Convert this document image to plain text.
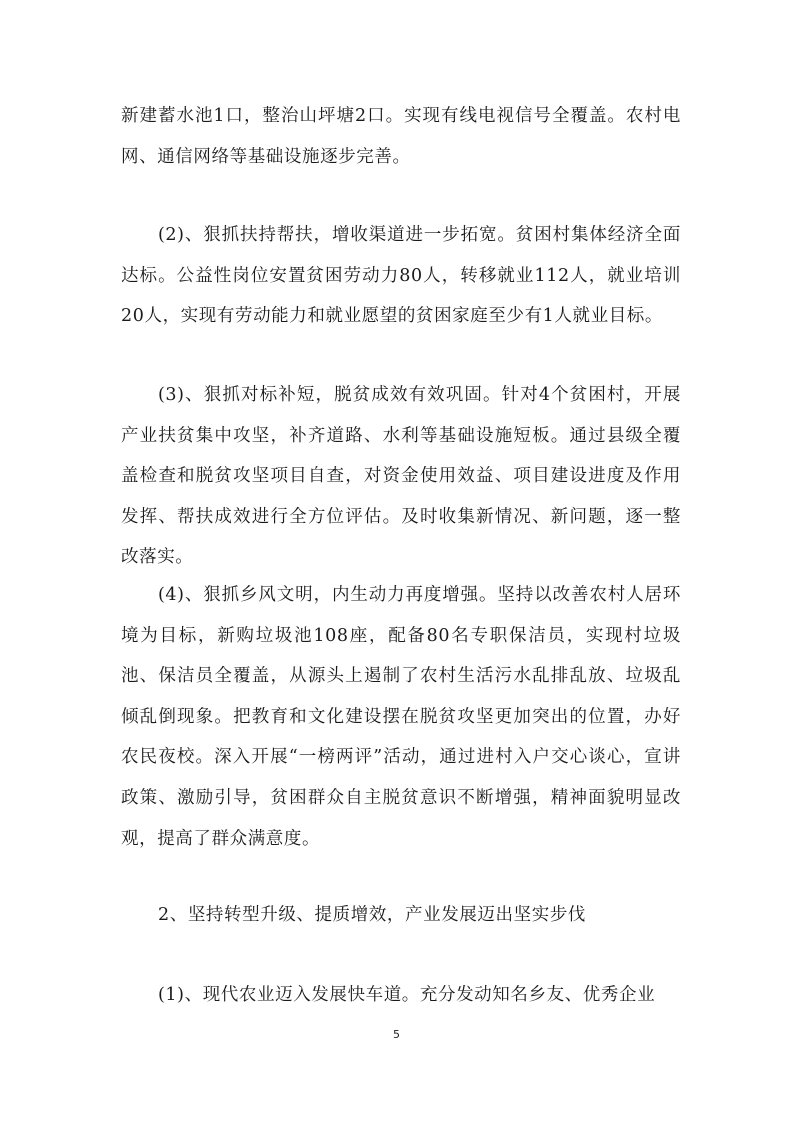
新建蓄水池1口，整治山坪塘2口。实现有线电视信号全覆盖。农村电网、通信网络等基础设施逐步完善。

(2)、狠抓扶持帮扶，增收渠道进一步拓宽。贫困村集体经济全面达标。公益性岗位安置贫困劳动力80人，转移就业112人，就业培训20人，实现有劳动能力和就业愿望的贫困家庭至少有1人就业目标。

(3)、狠抓对标补短，脱贫成效有效巩固。针对4个贫困村，开展产业扶贫集中攻坚，补齐道路、水利等基础设施短板。通过县级全覆盖检查和脱贫攻坚项目自查，对资金使用效益、项目建设进度及作用发挥、帮扶成效进行全方位评估。及时收集新情况、新问题，逐一整改落实。

(4)、狠抓乡风文明，内生动力再度增强。坚持以改善农村人居环境为目标，新购垃圾池108座，配备80名专职保洁员，实现村垃圾池、保洁员全覆盖，从源头上遏制了农村生活污水乱排乱放、垃圾乱倾乱倒现象。把教育和文化建设摆在脱贫攻坚更加突出的位置，办好农民夜校。深入开展“一榜两评”活动，通过进村入户交心谈心，宣讲政策、激励引导，贫困群众自主脱贫意识不断增强，精神面貌明显改观，提高了群众满意度。

2、坚持转型升级、提质增效，产业发展迈出坚实步伐

(1)、现代农业迈入发展快车道。充分发动知名乡友、优秀企业

5
